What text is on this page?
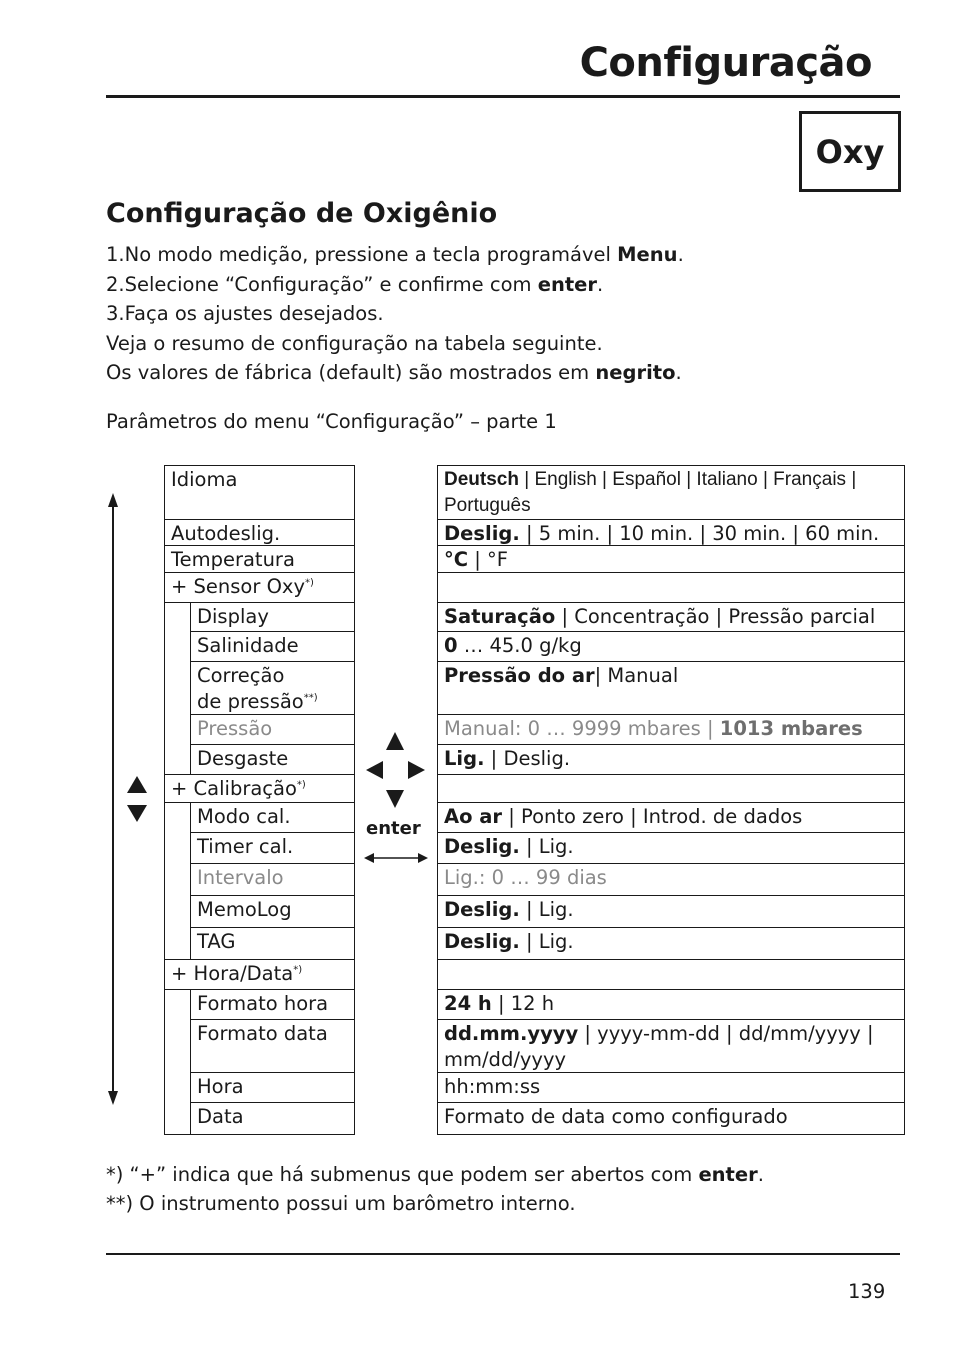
Configuração
Oxy
Configuração de Oxigênio
1.No modo medição, pressione a tecla programável Menu.
2.Selecione “Configuração” e confirme com enter.
3.Faça os ajustes desejados.
Veja o resumo de configuração na tabela seguinte.
Os valores de fábrica (default) são mostrados em negrito.
Parâmetros do menu “Configuração” – parte 1
Idioma
Autodeslig.
Temperatura
+ Sensor Oxy*)
Display
Salinidade
Correção
de pressão**)
Pressão
Desgaste
+ Calibração*)
Modo cal.
Timer cal.
Intervalo
MemoLog
TAG
+ Hora/Data*)
Formato hora
Formato data
Hora
Data
Deutsch | English | Español | Italiano | Français | Português
Deslig. | 5 min. | 10 min. | 30 min. | 60 min.
°C | °F
Saturação | Concentração | Pressão parcial
0 … 45.0 g/kg
Pressão do ar| Manual
Manual: 0 … 9999 mbares | 1013 mbares
Lig. | Deslig.
Ao ar | Ponto zero | Introd. de dados
Deslig. | Lig.
Lig.: 0 … 99 dias
Deslig. | Lig.
Deslig. | Lig.
24 h | 12 h
dd.mm.yyyy | yyyy-mm-dd | dd/mm/yyyy | mm/dd/yyyy
hh:mm:ss
Formato de data como configurado
enter
*) “+” indica que há submenus que podem ser abertos com enter.
**) O instrumento possui um barômetro interno.
139
